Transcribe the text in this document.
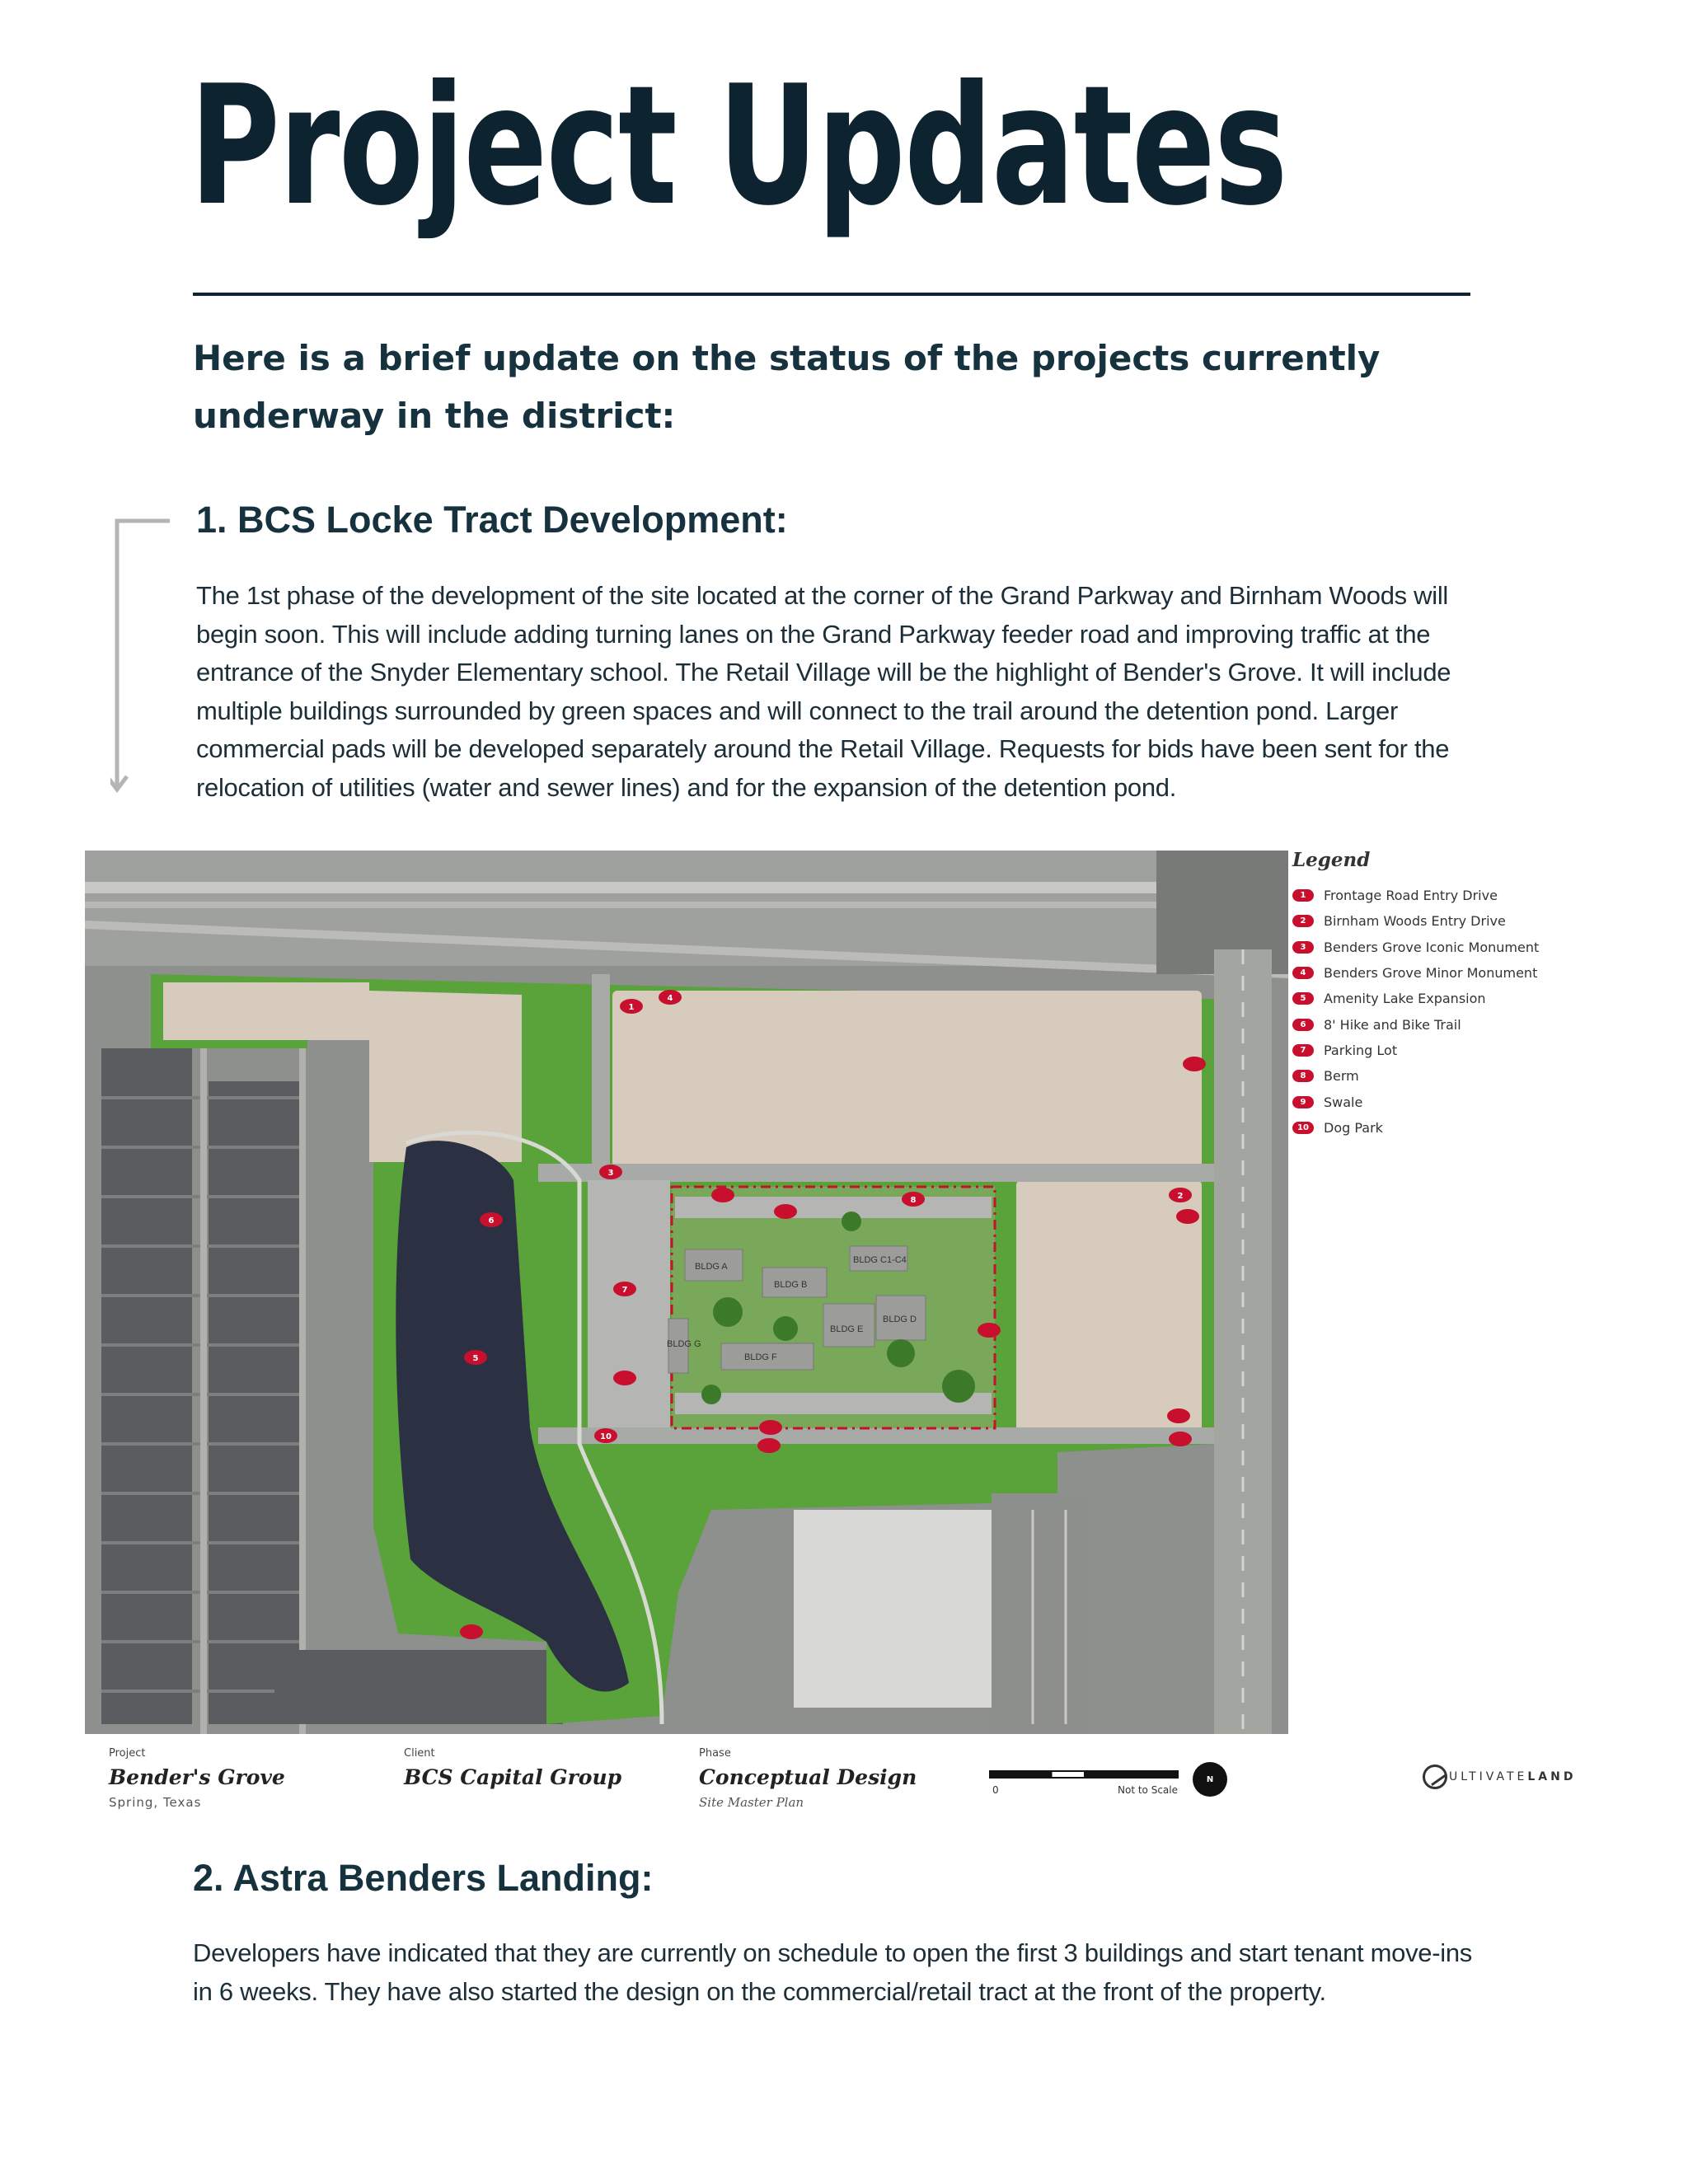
Project Updates

Here is a brief update on the status of the projects currently underway in the district:

1. BCS Locke Tract Development:

The 1st phase of the development of the site located at the corner of the Grand Parkway and Birnham Woods will begin soon. This will include adding turning lanes on the Grand Parkway feeder road and improving traffic at the entrance of the Snyder Elementary school. The Retail Village will be the highlight of Bender's Grove. It will include multiple buildings surrounded by green spaces and will connect to the trail around the detention pond. Larger commercial pads will be developed separately around the Retail Village. Requests for bids have been sent for the relocation of utilities (water and sewer lines) and for the expansion of the detention pond.

BLDG A
BLDG B
BLDG C1-C4
BLDG D
BLDG E
BLDG F
BLDG G
1
2
3
4
5
6
7
8
10
Legend
1	Frontage Road Entry Drive
2	Birnham Woods Entry Drive
3	Benders Grove Iconic Monument
4	Benders Grove Minor Monument
5	Amenity Lake Expansion
6	8' Hike and Bike Trail
7	Parking Lot
8	Berm
9	Swale
10	Dog Park
Project
Bender's Grove
Spring, Texas
Client
BCS Capital Group
Phase
Conceptual Design
Site Master Plan
0	Not to Scale
N	ULTIVATELAND
2. Astra Benders Landing:

Developers have indicated that they are currently on schedule to open the first 3 buildings and start tenant move-ins in 6 weeks. They have also started the design on the commercial/retail tract at the front of the property.
